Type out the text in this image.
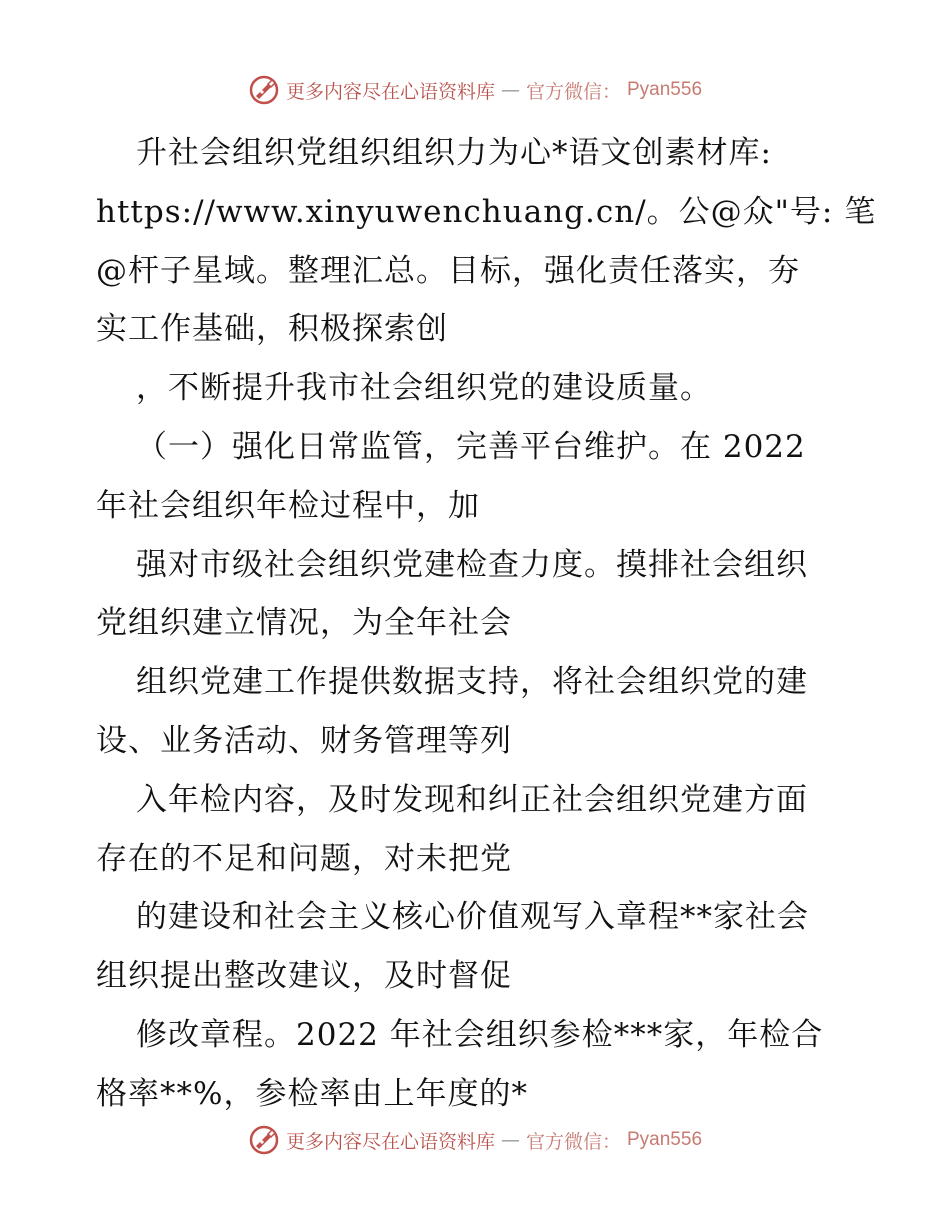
更多内容尽在心语资料库 — 官方微信： Pyan556
升社会组织党组织组织力为心*语文创素材库:
https://www.xinyuwenchuang.cn/。公@众"号: 笔
@杆子星域。整理汇总。目标，强化责任落实，夯
实工作基础，积极探索创
，不断提升我市社会组织党的建设质量。
（一）强化日常监管，完善平台维护。在 2022
年社会组织年检过程中，加
强对市级社会组织党建检查力度。摸排社会组织
党组织建立情况，为全年社会
组织党建工作提供数据支持，将社会组织党的建
设、业务活动、财务管理等列
入年检内容，及时发现和纠正社会组织党建方面
存在的不足和问题，对未把党
的建设和社会主义核心价值观写入章程**家社会
组织提出整改建议，及时督促
修改章程。2022 年社会组织参检***家，年检合
格率**%，参检率由上年度的*
更多内容尽在心语资料库 — 官方微信： Pyan556
